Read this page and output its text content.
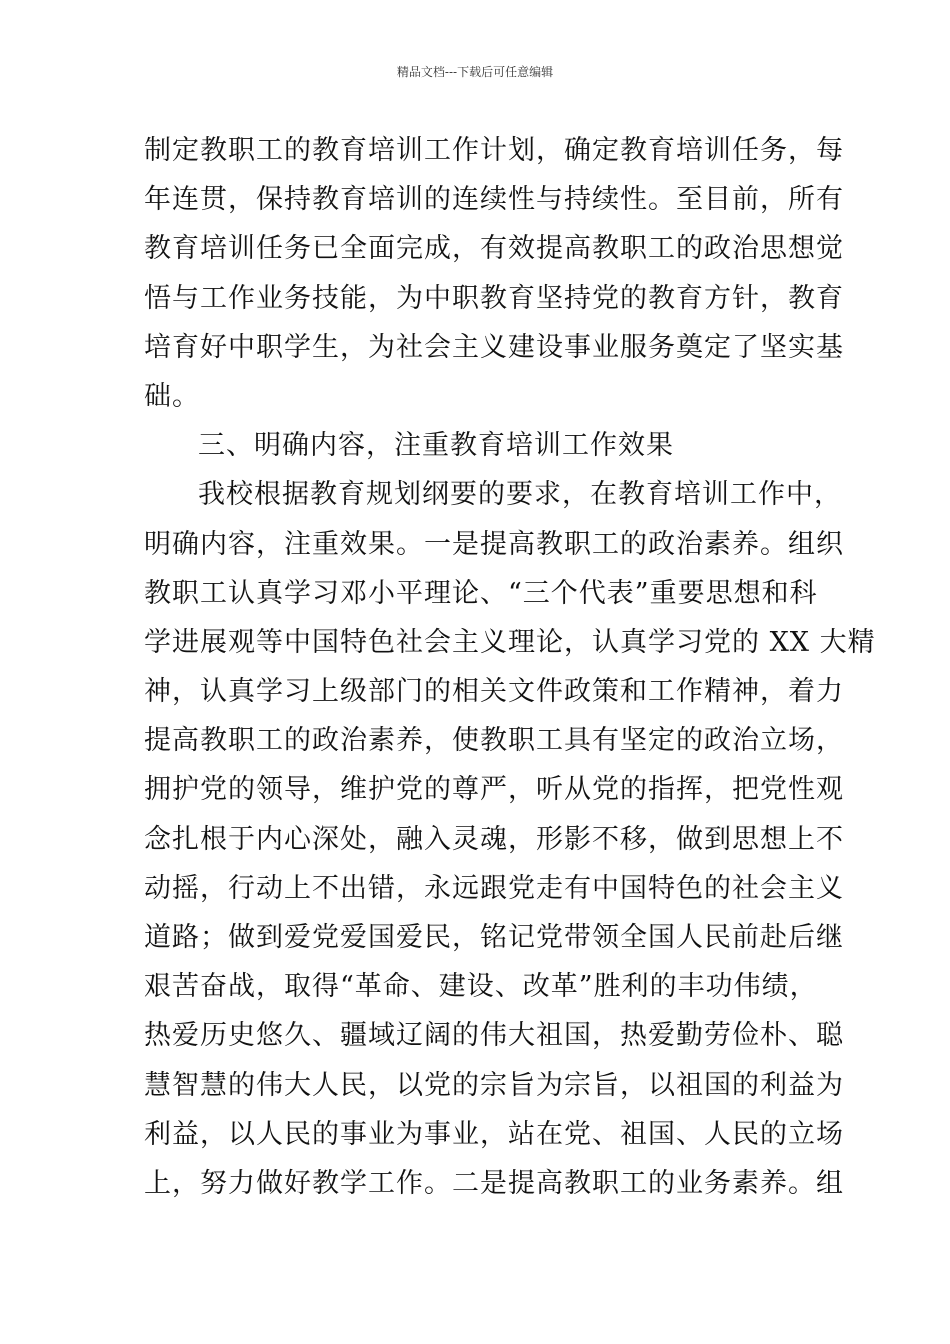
精品文档---下载后可任意编辑
制定教职工的教育培训工作计划，确定教育培训任务，每
年连贯，保持教育培训的连续性与持续性。至目前，所有
教育培训任务已全面完成，有效提高教职工的政治思想觉
悟与工作业务技能，为中职教育坚持党的教育方针，教育
培育好中职学生，为社会主义建设事业服务奠定了坚实基
础。
三、明确内容，注重教育培训工作效果
我校根据教育规划纲要的要求，在教育培训工作中，
明确内容，注重效果。一是提高教职工的政治素养。组织
教职工认真学习邓小平理论、“三个代表”重要思想和科
学进展观等中国特色社会主义理论，认真学习党的 XX 大精
神，认真学习上级部门的相关文件政策和工作精神，着力
提高教职工的政治素养，使教职工具有坚定的政治立场，
拥护党的领导，维护党的尊严，听从党的指挥，把党性观
念扎根于内心深处，融入灵魂，形影不移，做到思想上不
动摇，行动上不出错，永远跟党走有中国特色的社会主义
道路；做到爱党爱国爱民，铭记党带领全国人民前赴后继
艰苦奋战，取得“革命、建设、改革”胜利的丰功伟绩，
热爱历史悠久、疆域辽阔的伟大祖国，热爱勤劳俭朴、聪
慧智慧的伟大人民，以党的宗旨为宗旨，以祖国的利益为
利益，以人民的事业为事业，站在党、祖国、人民的立场
上，努力做好教学工作。二是提高教职工的业务素养。组
